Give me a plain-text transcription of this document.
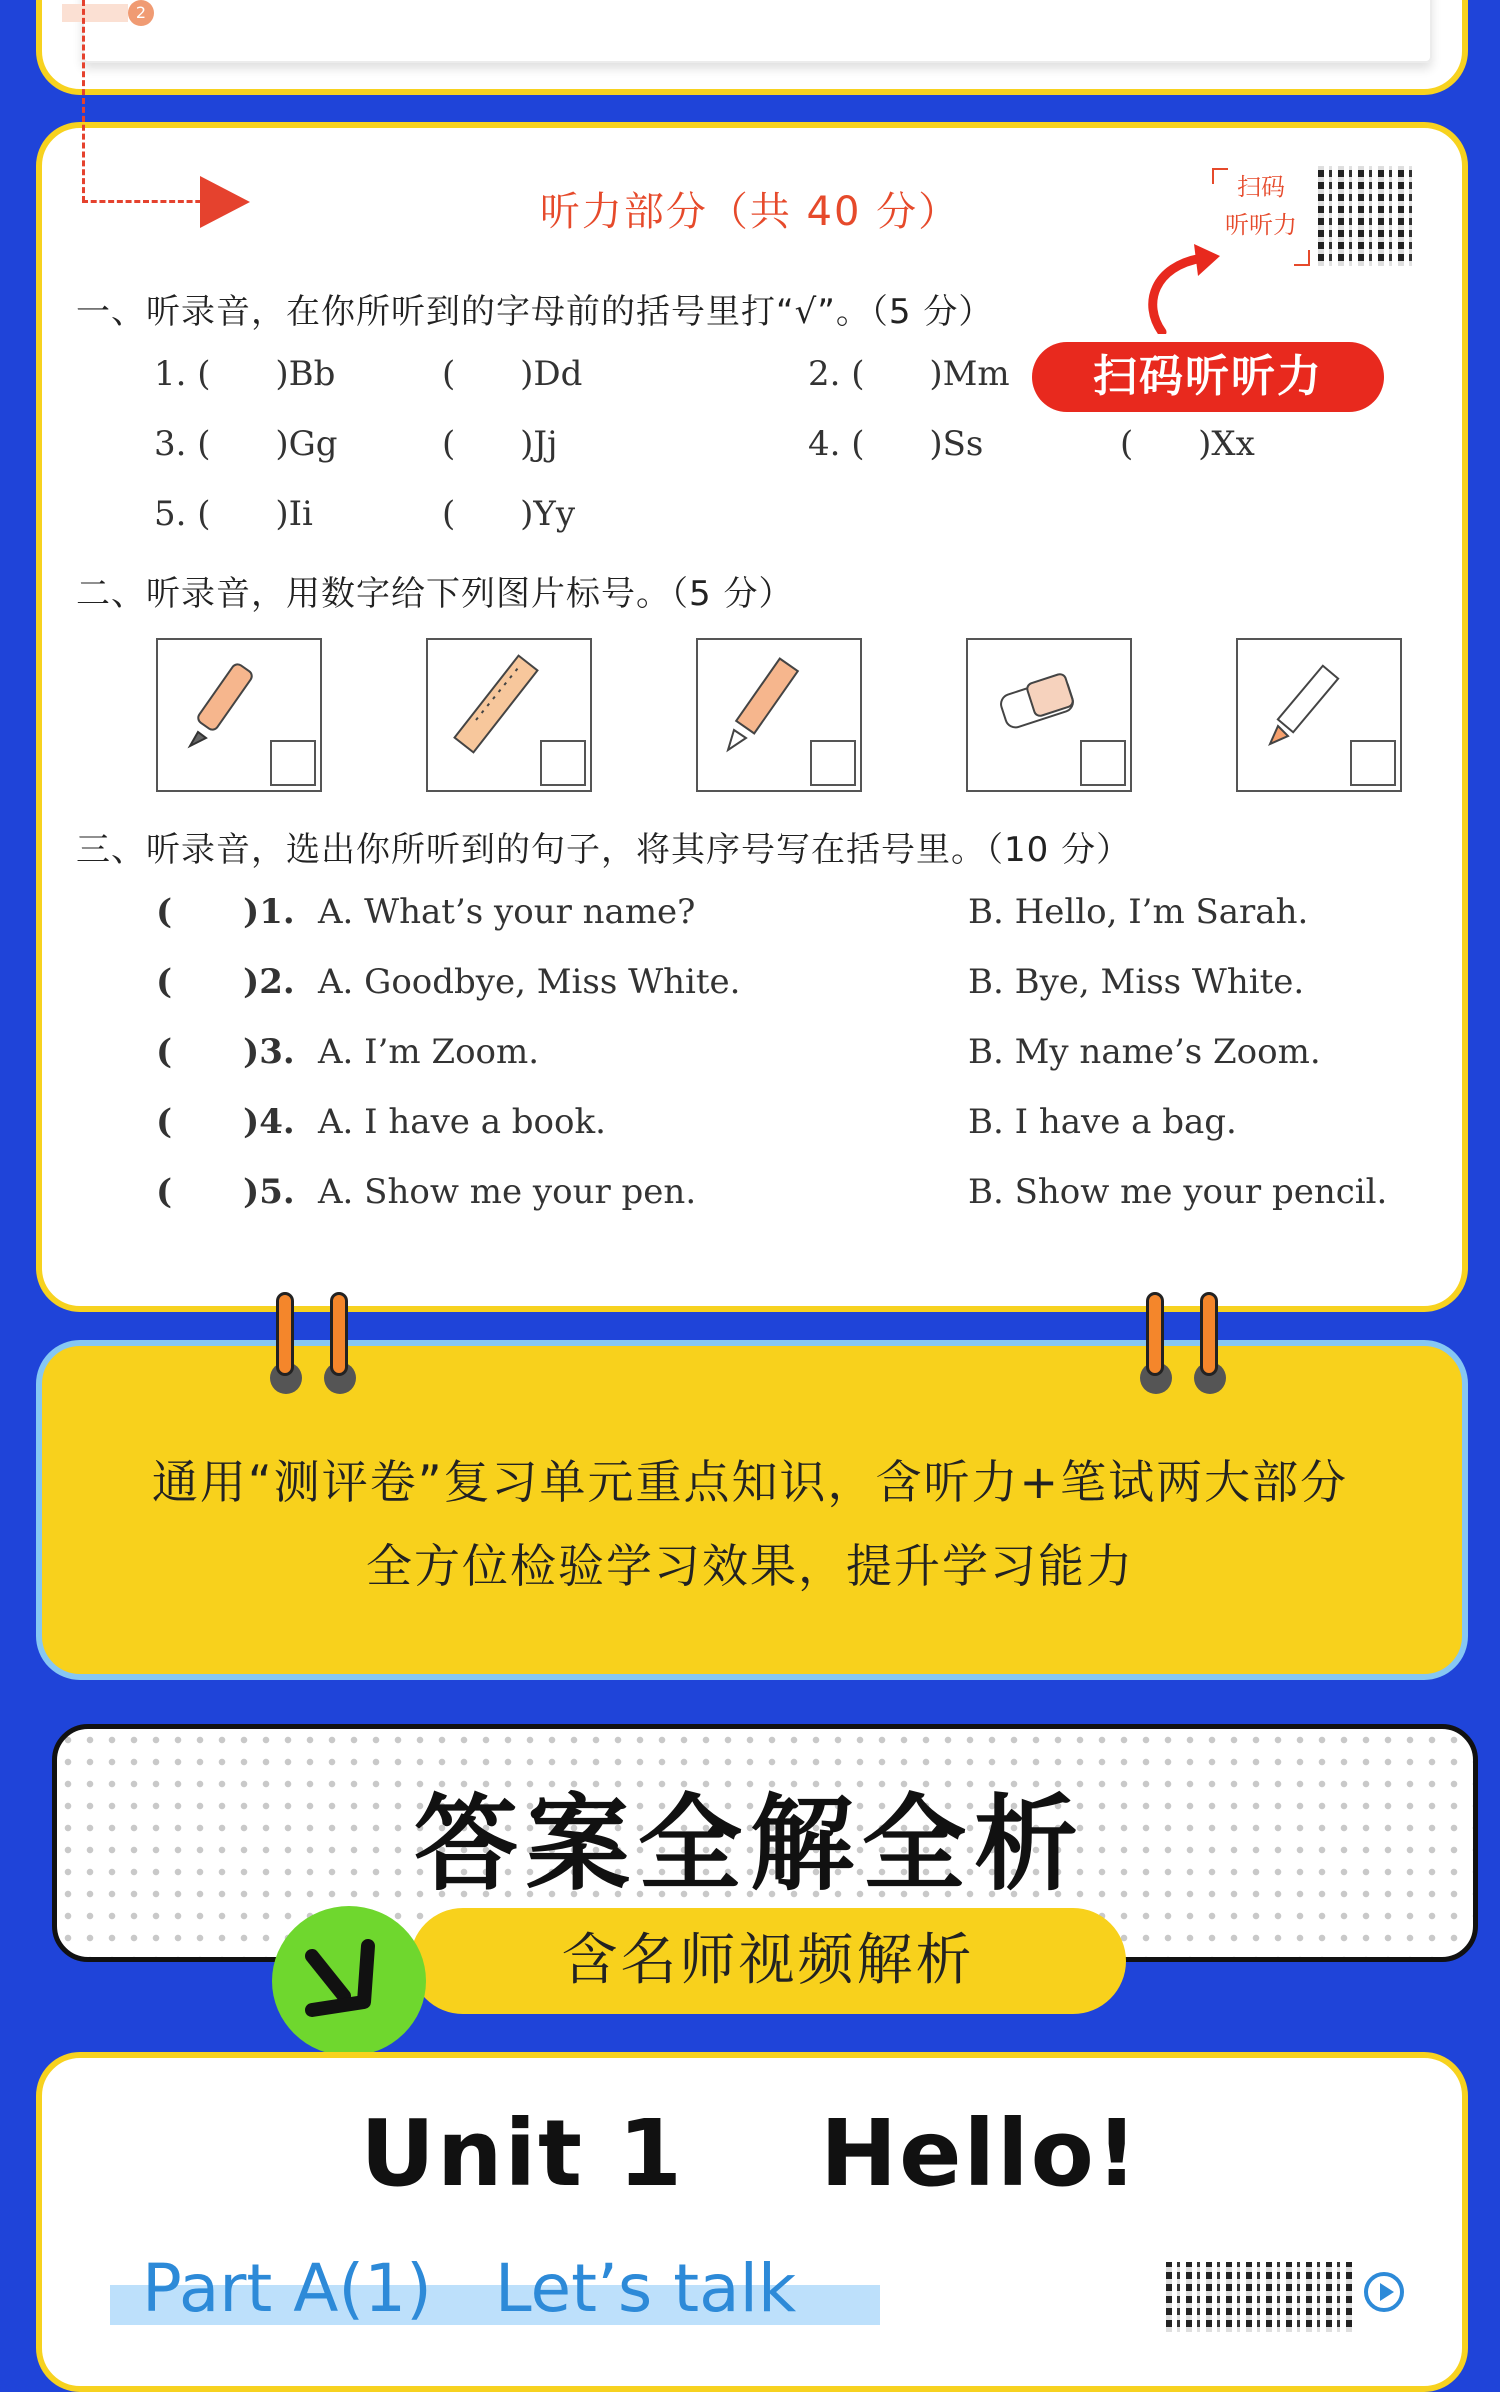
2
听力部分（共 40 分）
扫码
听听力
一、听录音，在你所听到的字母前的括号里打“√”。（5 分）
1. (      )Bb	(      )Dd	2. (      )Mm	扫码听听力
3. (      )Gg	(      )Jj	4. (      )Ss	(      )Xx
5. (      )Ii	(      )Yy
二、听录音，用数字给下列图片标号。（5 分）
三、听录音，选出你所听到的句子，将其序号写在括号里。（10 分）
(      )1. A. What’s your name?	B. Hello, I’m Sarah.
(      )2. A. Goodbye, Miss White.	B. Bye, Miss White.
(      )3. A. I’m Zoom.	B. My name’s Zoom.
(      )4. A. I have a book.	B. I have a bag.
(      )5. A. Show me your pen.	B. Show me your pencil.
通用“测评卷”复习单元重点知识，含听力+笔试两大部分
全方位检验学习效果，提升学习能力
答案全解全析
含名师视频解析
Unit 1    Hello!
Part A(1)   Let’s talk
